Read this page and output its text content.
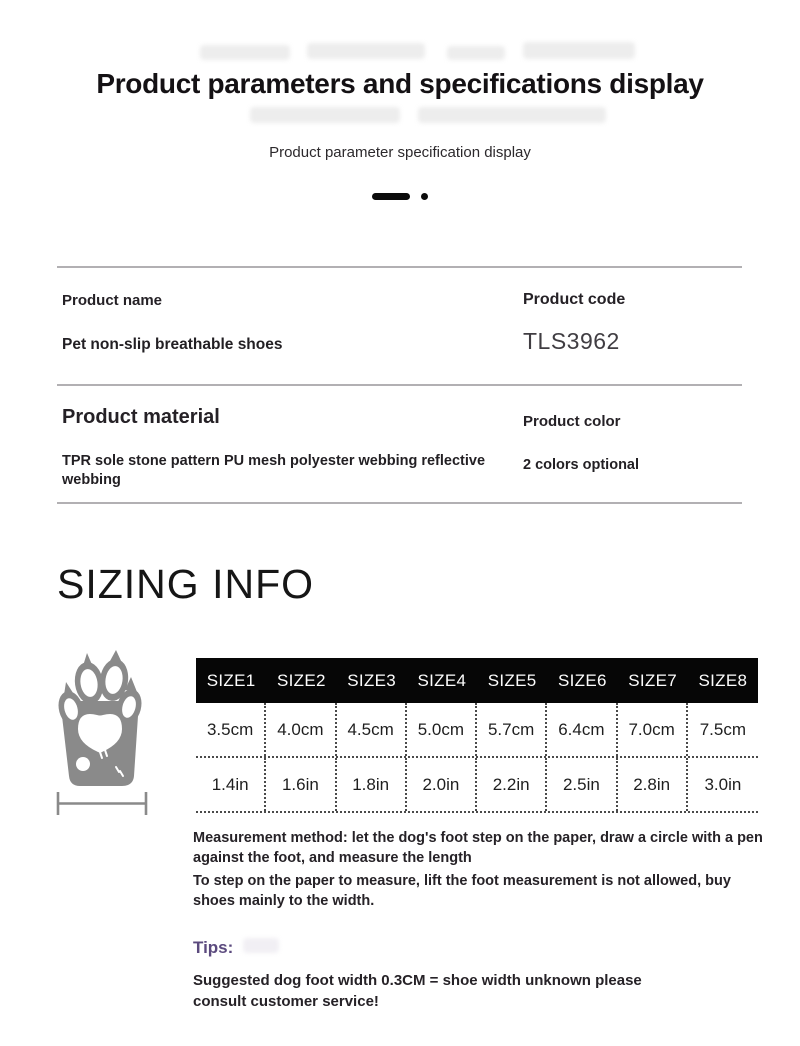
Product parameters and specifications display
Product parameter specification display
Product name
Pet non-slip breathable shoes
Product code
TLS3962
Product material
TPR sole stone pattern PU mesh polyester webbing reflective webbing
Product color
2 colors optional
SIZING INFO
SIZE1	SIZE2	SIZE3	SIZE4	SIZE5	SIZE6	SIZE7	SIZE8
3.5cm	4.0cm	4.5cm	5.0cm	5.7cm	6.4cm	7.0cm	7.5cm
1.4in	1.6in	1.8in	2.0in	2.2in	2.5in	2.8in	3.0in

Measurement method: let the dog's foot step on the paper, draw a circle with a pen against the foot, and measure the length

To step on the paper to measure, lift the foot measurement is not allowed, buy shoes mainly to the width.

Tips:
Suggested dog foot width 0.3CM = shoe width unknown please consult customer service!
